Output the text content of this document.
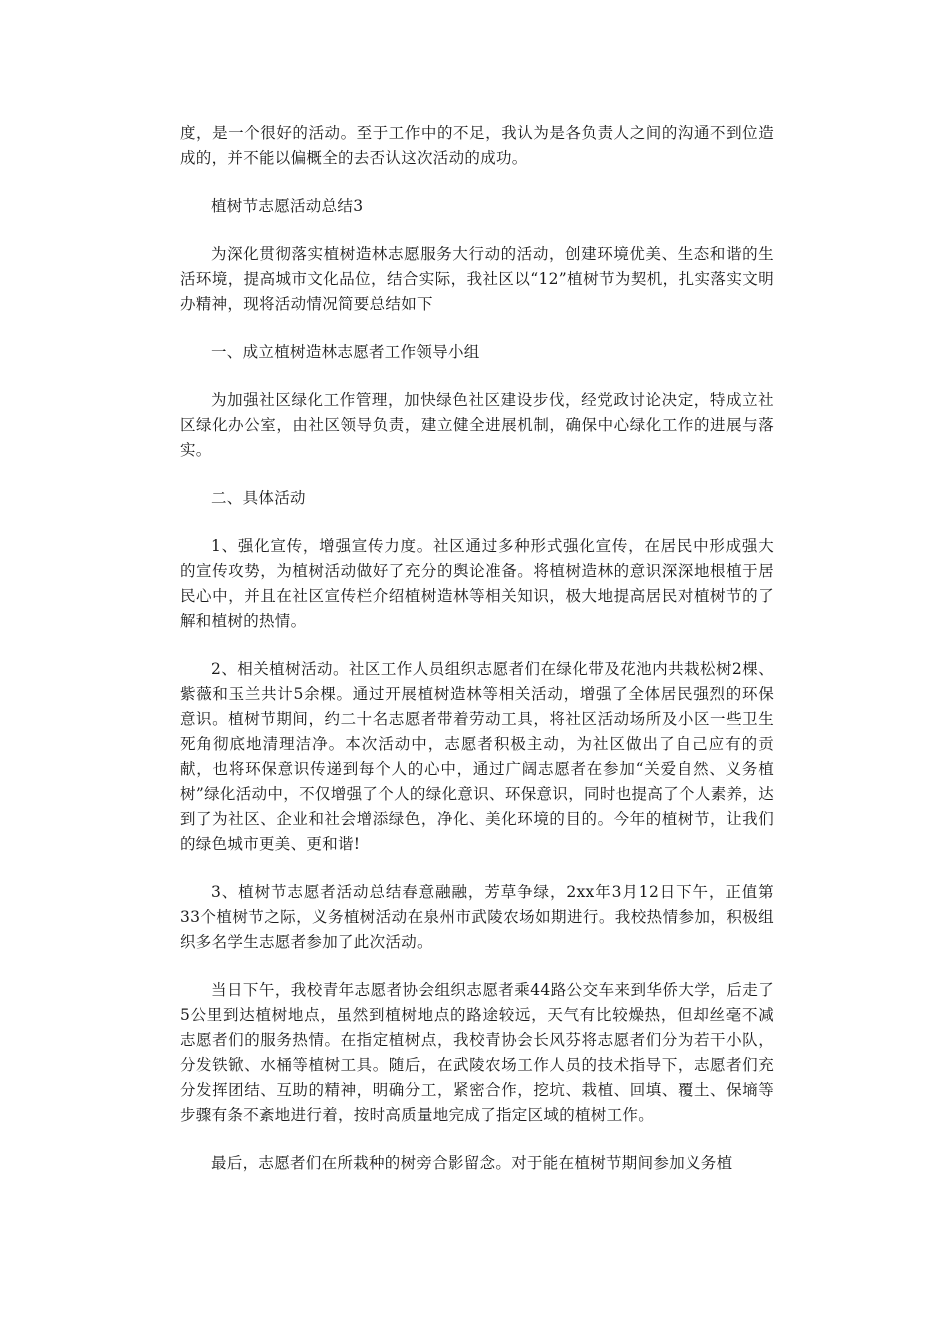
度，是一个很好的活动。至于工作中的不足，我认为是各负责人之间的沟通不到位造成的，并不能以偏概全的去否认这次活动的成功。

植树节志愿活动总结3

为深化贯彻落实植树造林志愿服务大行动的活动，创建环境优美、生态和谐的生活环境，提高城市文化品位，结合实际，我社区以“12”植树节为契机，扎实落实文明办精神，现将活动情况简要总结如下

一、成立植树造林志愿者工作领导小组

为加强社区绿化工作管理，加快绿色社区建设步伐，经党政讨论决定，特成立社区绿化办公室，由社区领导负责，建立健全进展机制，确保中心绿化工作的进展与落实。

二、具体活动

1、强化宣传，增强宣传力度。社区通过多种形式强化宣传，在居民中形成强大的宣传攻势，为植树活动做好了充分的舆论准备。将植树造林的意识深深地根植于居民心中，并且在社区宣传栏介绍植树造林等相关知识，极大地提高居民对植树节的了解和植树的热情。

2、相关植树活动。社区工作人员组织志愿者们在绿化带及花池内共栽松树2棵、紫薇和玉兰共计5余棵。通过开展植树造林等相关活动，增强了全体居民强烈的环保意识。植树节期间，约二十名志愿者带着劳动工具，将社区活动场所及小区一些卫生死角彻底地清理洁净。本次活动中，志愿者积极主动，为社区做出了自己应有的贡献，也将环保意识传递到每个人的心中，通过广阔志愿者在参加“关爱自然、义务植树”绿化活动中，不仅增强了个人的绿化意识、环保意识，同时也提高了个人素养，达到了为社区、企业和社会增添绿色，净化、美化环境的目的。今年的植树节，让我们的绿色城市更美、更和谐!

3、植树节志愿者活动总结春意融融，芳草争绿，2xx年3月12日下午，正值第33个植树节之际，义务植树活动在泉州市武陵农场如期进行。我校热情参加，积极组织多名学生志愿者参加了此次活动。

当日下午，我校青年志愿者协会组织志愿者乘44路公交车来到华侨大学，后走了5公里到达植树地点，虽然到植树地点的路途较远，天气有比较燥热，但却丝毫不减志愿者们的服务热情。在指定植树点，我校青协会长风芬将志愿者们分为若干小队，分发铁锨、水桶等植树工具。随后，在武陵农场工作人员的技术指导下，志愿者们充分发挥团结、互助的精神，明确分工，紧密合作，挖坑、栽植、回填、覆土、保墒等步骤有条不紊地进行着，按时高质量地完成了指定区域的植树工作。

最后，志愿者们在所栽种的树旁合影留念。对于能在植树节期间参加义务植
